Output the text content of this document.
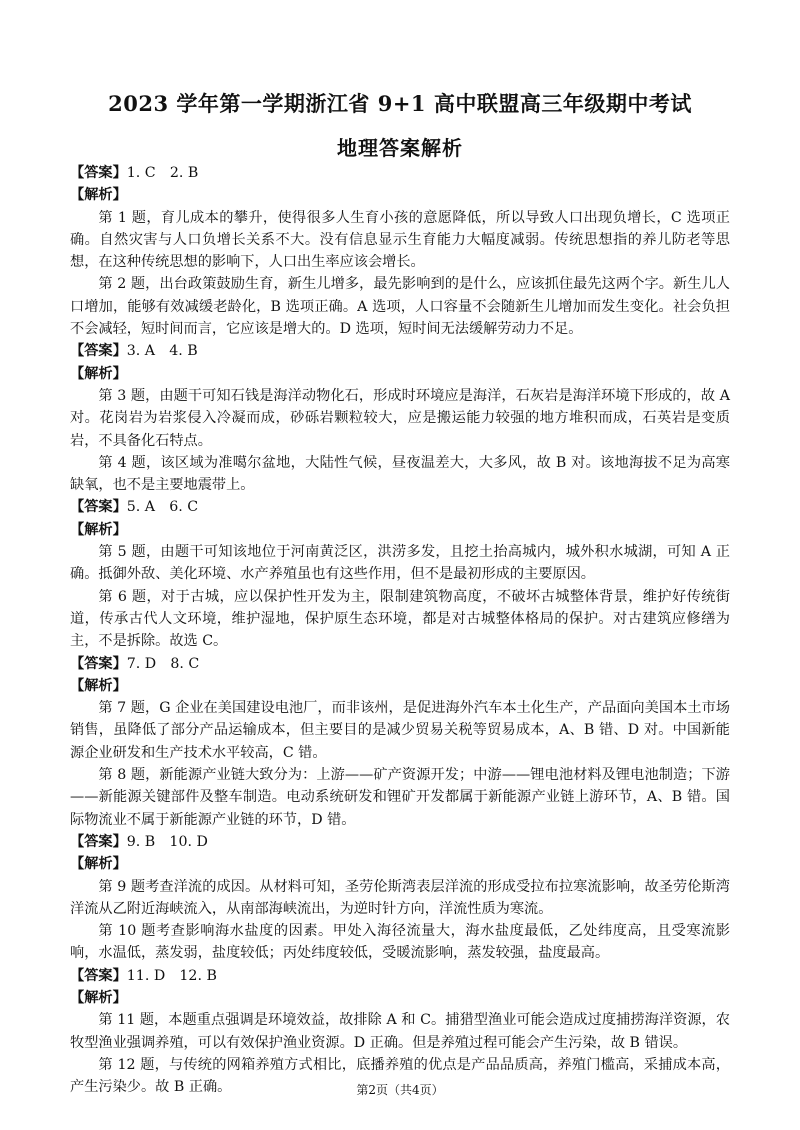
2023 学年第一学期浙江省 9+1 高中联盟高三年级期中考试
地理答案解析

【答案】1. C　2. B

【解析】

第 1 题，育儿成本的攀升，使得很多人生育小孩的意愿降低，所以导致人口出现负增长，C 选项正确。自然灾害与人口负增长关系不大。没有信息显示生育能力大幅度减弱。传统思想指的养儿防老等思想，在这种传统思想的影响下，人口出生率应该会增长。

第 2 题，出台政策鼓励生育，新生儿增多，最先影响到的是什么，应该抓住最先这两个字。新生儿人口增加，能够有效减缓老龄化，B 选项正确。A 选项，人口容量不会随新生儿增加而发生变化。社会负担不会减轻，短时间而言，它应该是增大的。D 选项，短时间无法缓解劳动力不足。

【答案】3. A　4. B

【解析】

第 3 题，由题干可知石钱是海洋动物化石，形成时环境应是海洋，石灰岩是海洋环境下形成的，故 A 对。花岗岩为岩浆侵入冷凝而成，砂砾岩颗粒较大，应是搬运能力较强的地方堆积而成，石英岩是变质岩，不具备化石特点。

第 4 题，该区域为准噶尔盆地，大陆性气候，昼夜温差大，大多风，故 B 对。该地海拔不足为高寒缺氧，也不是主要地震带上。

【答案】5. A　6. C

【解析】

第 5 题，由题干可知该地位于河南黄泛区，洪涝多发，且挖土抬高城内，城外积水城湖，可知 A 正确。抵御外敌、美化环境、水产养殖虽也有这些作用，但不是最初形成的主要原因。

第 6 题，对于古城，应以保护性开发为主，限制建筑物高度，不破坏古城整体背景，维护好传统街道，传承古代人文环境，维护湿地，保护原生态环境，都是对古城整体格局的保护。对古建筑应修缮为主，不是拆除。故选 C。

【答案】7. D　8. C

【解析】

第 7 题，G 企业在美国建设电池厂，而非该州，是促进海外汽车本土化生产，产品面向美国本土市场销售，虽降低了部分产品运输成本，但主要目的是减少贸易关税等贸易成本，A、B 错、D 对。中国新能源企业研发和生产技术水平较高，C 错。

第 8 题，新能源产业链大致分为：上游——矿产资源开发；中游——锂电池材料及锂电池制造；下游——新能源关键部件及整车制造。电动系统研发和锂矿开发都属于新能源产业链上游环节，A、B 错。国际物流业不属于新能源产业链的环节，D 错。

【答案】9. B　10. D

【解析】

第 9 题考查洋流的成因。从材料可知，圣劳伦斯湾表层洋流的形成受拉布拉寒流影响，故圣劳伦斯湾洋流从乙附近海峡流入，从南部海峡流出，为逆时针方向，洋流性质为寒流。

第 10 题考查影响海水盐度的因素。甲处入海径流量大，海水盐度最低，乙处纬度高，且受寒流影响，水温低，蒸发弱，盐度较低；丙处纬度较低，受暖流影响，蒸发较强，盐度最高。

【答案】11. D　12. B

【解析】

第 11 题，本题重点强调是环境效益，故排除 A 和 C。捕猎型渔业可能会造成过度捕捞海洋资源，农牧型渔业强调养殖，可以有效保护渔业资源。D 正确。但是养殖过程可能会产生污染，故 B 错误。

第 12 题，与传统的网箱养殖方式相比，底播养殖的优点是产品品质高，养殖门槛高，采捕成本高，产生污染少。故 B 正确。	第2页（共4页）
